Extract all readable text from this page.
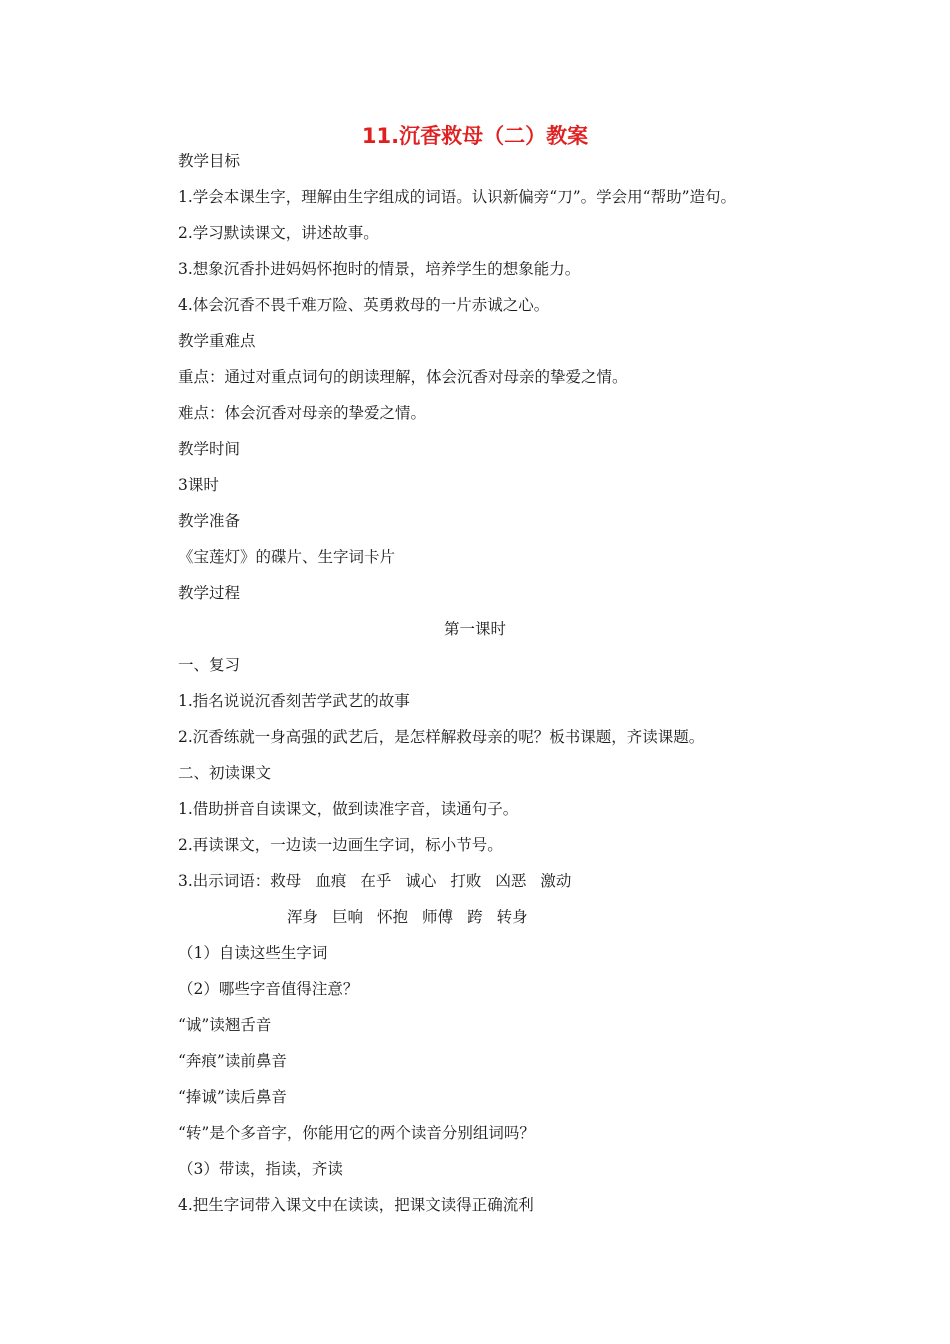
11.沉香救母（二）教案
教学目标
1.学会本课生字，理解由生字组成的词语。认识新偏旁“刀”。学会用“帮助”造句。
2.学习默读课文，讲述故事。
3.想象沉香扑进妈妈怀抱时的情景，培养学生的想象能力。
4.体会沉香不畏千难万险、英勇救母的一片赤诚之心。
教学重难点
重点：通过对重点词句的朗读理解，体会沉香对母亲的挚爱之情。
难点：体会沉香对母亲的挚爱之情。
教学时间
3课时
教学准备
《宝莲灯》的碟片、生字词卡片
教学过程
第一课时
一、复习
1.指名说说沉香刻苦学武艺的故事
2.沉香练就一身高强的武艺后，是怎样解救母亲的呢？板书课题，齐读课题。
二、初读课文
1.借助拼音自读课文，做到读准字音，读通句子。
2.再读课文，一边读一边画生字词，标小节号。
3.出示词语：救母 血痕 在乎 诚心 打败 凶恶 激动
浑身 巨响 怀抱 师傅 跨 转身
（1）自读这些生字词
（2）哪些字音值得注意？
“诚”读翘舌音
“奔痕”读前鼻音
“捧诚”读后鼻音
“转”是个多音字，你能用它的两个读音分别组词吗？
（3）带读，指读，齐读
4.把生字词带入课文中在读读，把课文读得正确流利
